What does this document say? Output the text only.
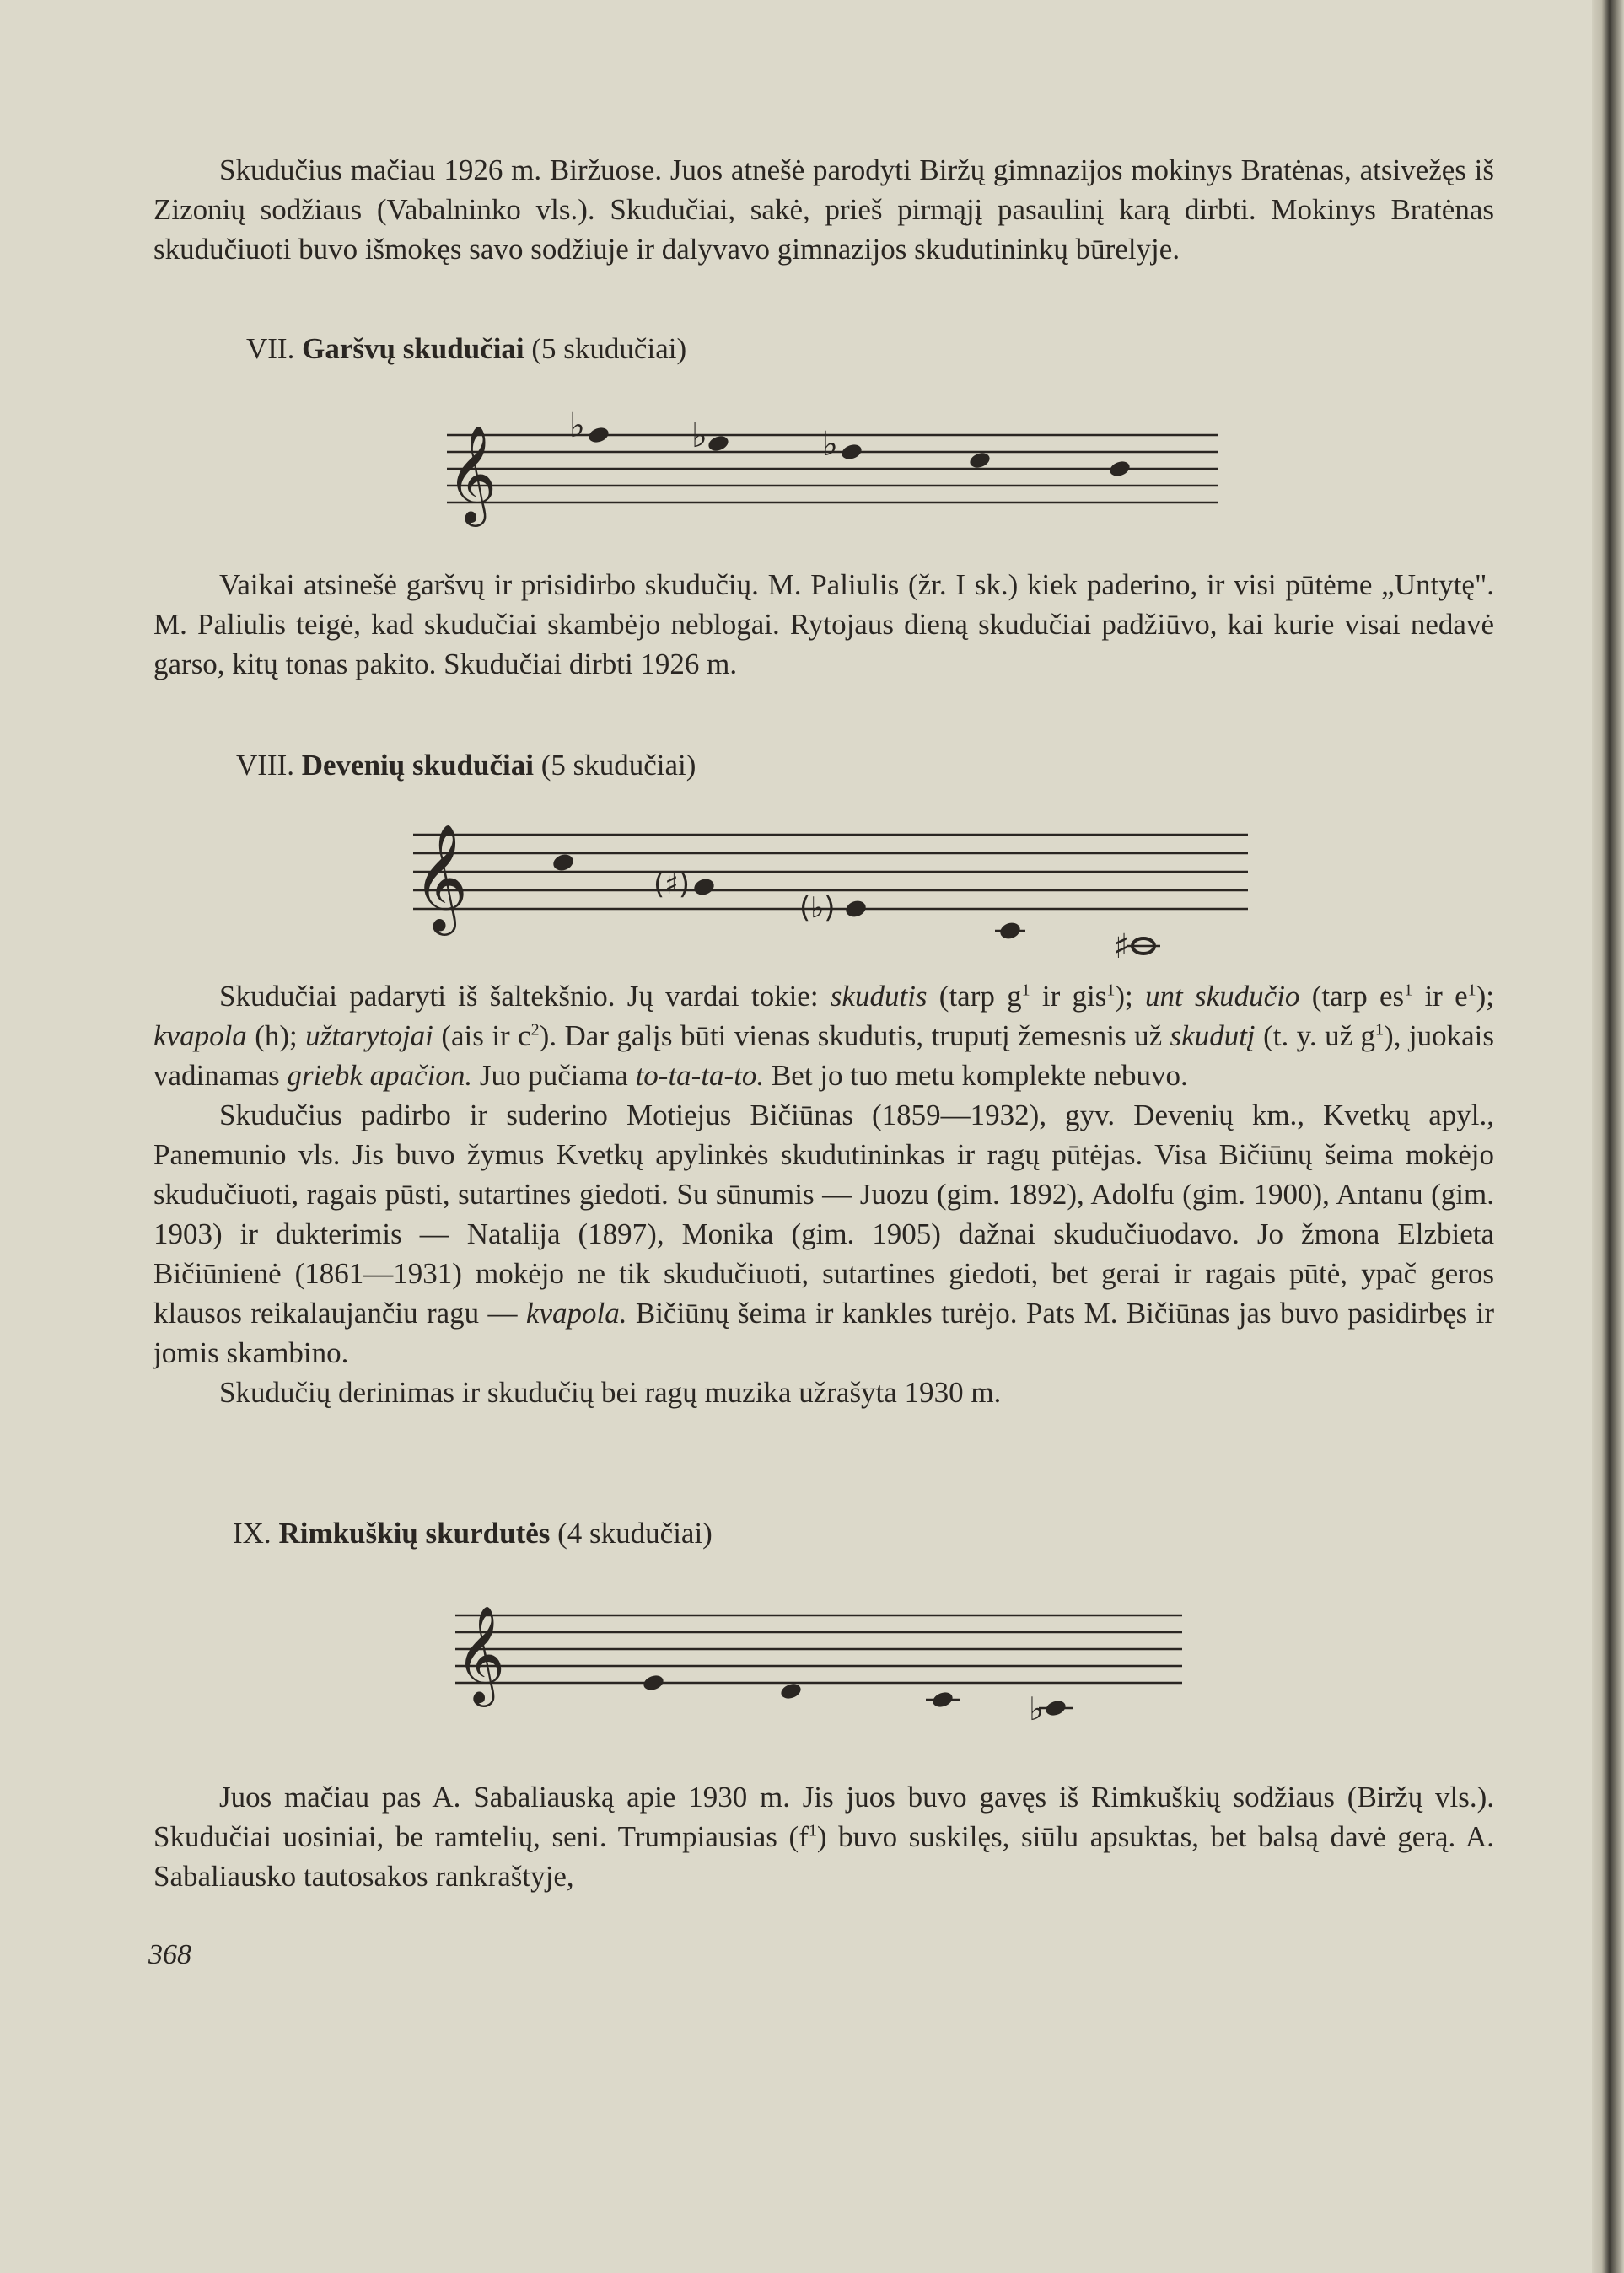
Skudučius mačiau 1926 m. Biržuose. Juos atnešė parodyti Biržų gimnazijos mokinys Bratėnas, atsivežęs iš Zizonių sodžiaus (Vabalninko vls.). Skudučiai, sakė, prieš pirmąjį pasaulinį karą dirbti. Mokinys Bratėnas skudučiuoti buvo išmokęs savo sodžiuje ir dalyvavo gimnazijos skudutininkų būrelyje.

VII. Garšvų skudučiai (5 skudučiai)
𝄞 ♭	♭	♭

Vaikai atsinešė garšvų ir prisidirbo skudučių. M. Paliulis (žr. I sk.) kiek paderino, ir visi pūtėme „Untytę". M. Paliulis teigė, kad skudučiai skambėjo neblogai. Rytojaus dieną skudučiai padžiūvo, kai kurie visai nedavė garso, kitų tonas pakito. Skudučiai dirbti 1926 m.

VIII. Devenių skudučiai (5 skudučiai)
𝄞	(♯)
(♭)
♯

Skudučiai padaryti iš šaltekšnio. Jų vardai tokie: skudutis (tarp $g^1$ ir gis$^1$); unt skudučio (tarp $es^1$ ir $e^1$); kvapola (h); užtarytojai (ais ir $c^2$). Dar galįs būti vienas skudutis, truputį žemesnis už skudutį (t. y. už $g^1$), juokais vadinamas griebk apačion. Juo pučiama to-ta-ta-to. Bet jo tuo metu komplekte nebuvo.

Skudučius padirbo ir suderino Motiejus Bičiūnas (1859—1932), gyv. Devenių km., Kvetkų apyl., Panemunio vls. Jis buvo žymus Kvetkų apylinkės skudutininkas ir ragų pūtėjas. Visa Bičiūnų šeima mokėjo skudučiuoti, ragais pūsti, sutartines giedoti. Su sūnumis — Juozu (gim. 1892), Adolfu (gim. 1900), Antanu (gim. 1903) ir dukterimis — Natalija (1897), Monika (gim. 1905) dažnai skudučiuodavo. Jo žmona Elzbieta Bičiūnienė (1861—1931) mokėjo ne tik skudučiuoti, sutartines giedoti, bet gerai ir ragais pūtė, ypač geros klausos reikalaujančiu ragu — kvapola. Bičiūnų šeima ir kankles turėjo. Pats M. Bičiūnas jas buvo pasidirbęs ir jomis skambino.

Skudučių derinimas ir skudučių bei ragų muzika užrašyta 1930 m.

IX. Rimkuškių skurdutės (4 skudučiai)
𝄞
♭

Juos mačiau pas A. Sabaliauską apie 1930 m. Jis juos buvo gavęs iš Rimkuškių sodžiaus (Biržų vls.). Skudučiai uosiniai, be ramtelių, seni. Trumpiausias $(f^1)$ buvo suskilęs, siūlu apsuktas, bet balsą davė gerą. A. Sabaliausko tautosakos rankraštyje,

368
